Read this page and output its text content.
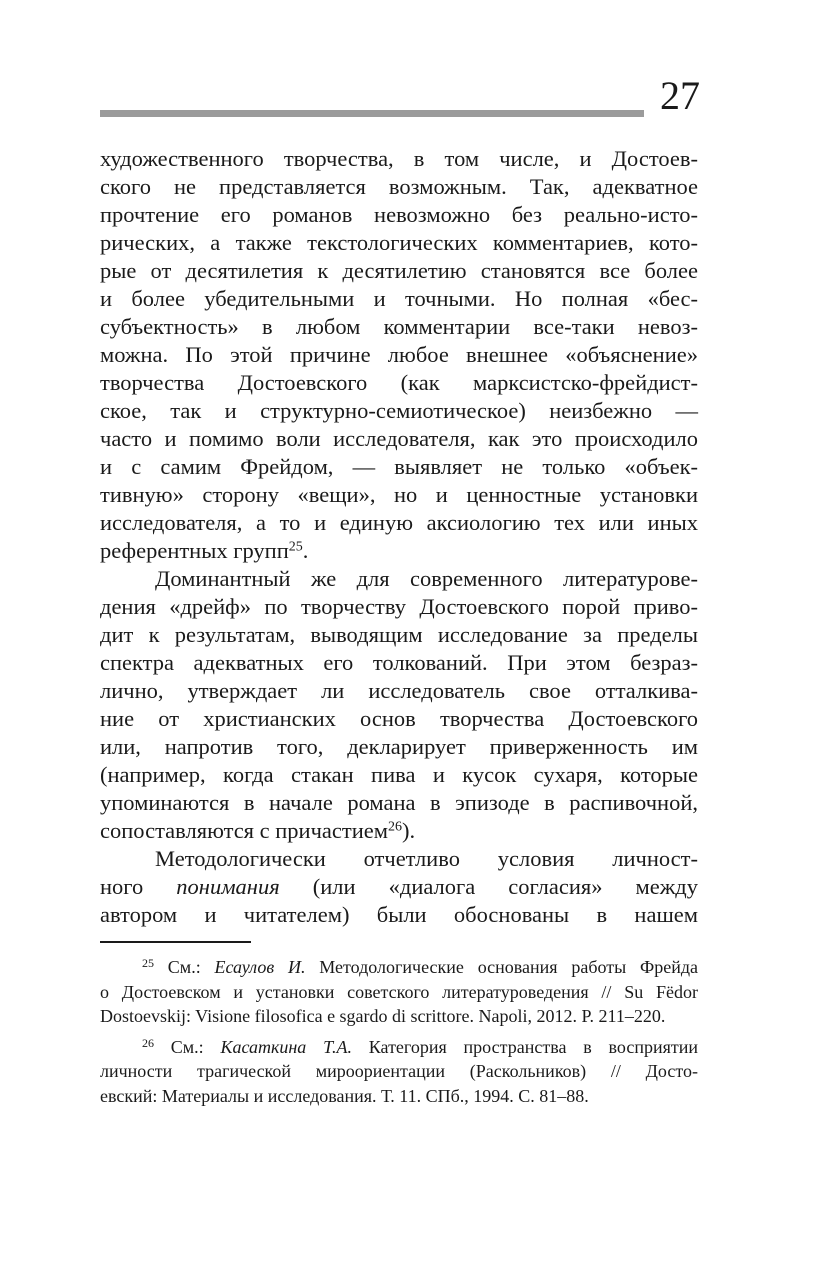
27
художественного творчества, в том числе, и Достоев-
ского не представляется возможным. Так, адекватное
прочтение его романов невозможно без реально-исто-
рических, а также текстологических комментариев, кото-
рые от десятилетия к десятилетию становятся все более
и более убедительными и точными. Но полная «бес-
субъектность» в любом комментарии все-таки невоз-
можна. По этой причине любое внешнее «объяснение»
творчества Достоевского (как марксистско-фрейдист-
ское, так и структурно-семиотическое) неизбежно —
часто и помимо воли исследователя, как это происходило
и с самим Фрейдом, — выявляет не только «объек-
тивную» сторону «вещи», но и ценностные установки
исследователя, а то и единую аксиологию тех или иных
референтных групп$^{25}$.
Доминантный же для современного литературове-
дения «дрейф» по творчеству Достоевского порой приво-
дит к результатам, выводящим исследование за пределы
спектра адекватных его толкований. При этом безраз-
лично, утверждает ли исследователь свое отталкива-
ние от христианских основ творчества Достоевского
или, напротив того, декларирует приверженность им
(например, когда стакан пива и кусок сухаря, которые
упоминаются в начале романа в эпизоде в распивочной,
сопоставляются с причастием$^{26}$).
Методологически отчетливо условия личност-
ного понимания (или «диалога согласия» между
автором и читателем) были обоснованы в нашем
$^{25}$ См.: Есаулов И. Методологические основания работы Фрейда
о Достоевском и установки советского литературоведения // Su Fëdor
Dostoevskij: Visione filosofica e sgardo di scrittore. Napoli, 2012. P. 211–220.
$^{26}$ См.: Касаткина Т.А. Категория пространства в восприятии
личности трагической мироориентации (Раскольников) // Досто-
евский: Материалы и исследования. Т. 11. СПб., 1994. С. 81–88.
